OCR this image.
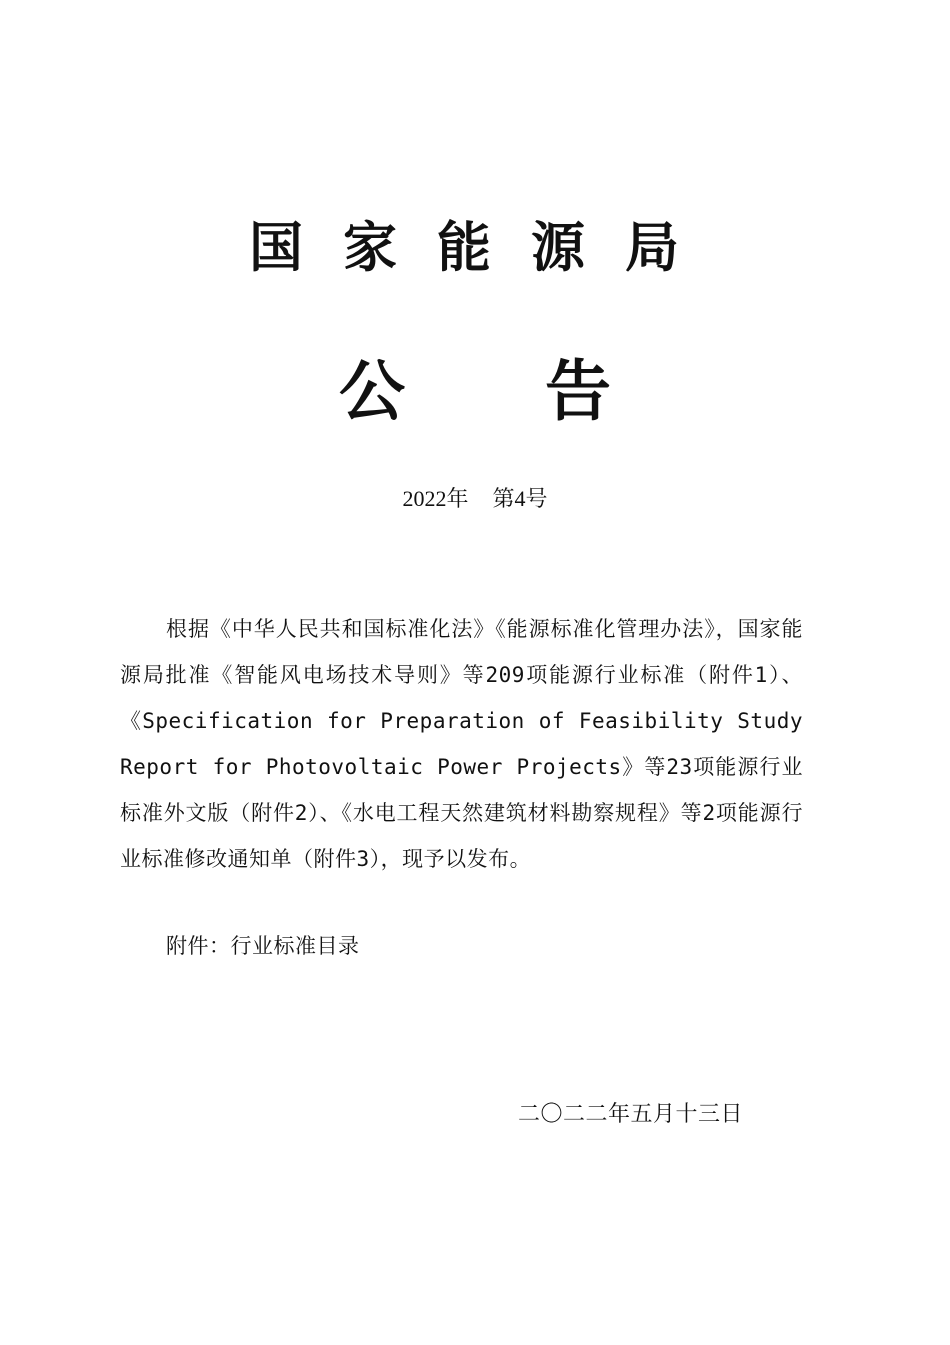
国家能源局
公告
2022年 第4号
根据《中华人民共和国标准化法》《能源标准化管理办法》，国家能源局批准《智能风电场技术导则》等209项能源行业标准（附件1）、《Specification for Preparation of Feasibility Study Report for Photovoltaic Power Projects》等23项能源行业标准外文版（附件2）、《水电工程天然建筑材料勘察规程》等2项能源行业标准修改通知单（附件3），现予以发布。
附件：行业标准目录
二〇二二年五月十三日
